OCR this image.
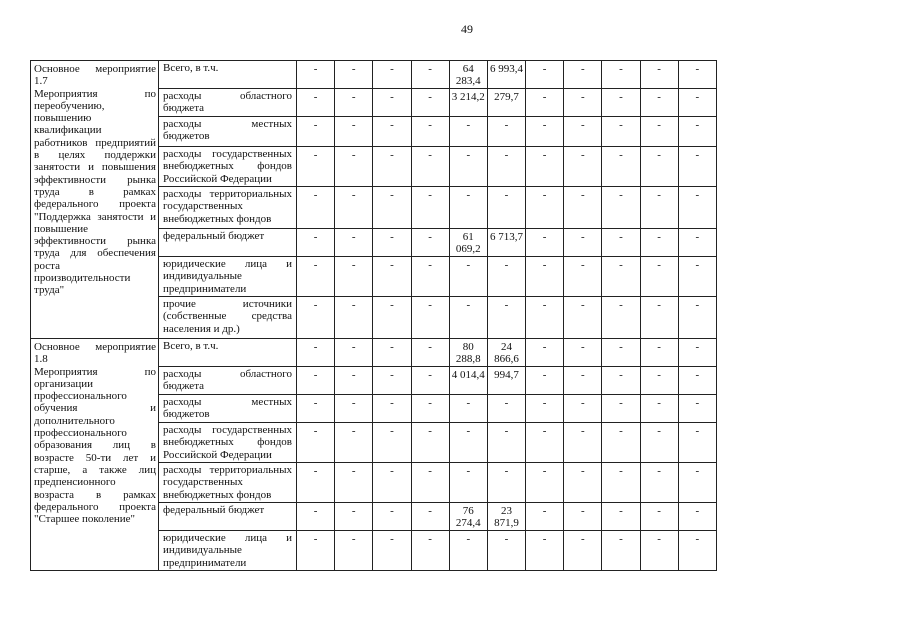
49
Основное мероприятие 1.7
Мероприятия по переобучению, повышению квалификации работников предприятий в целях поддержки занятости и повышения эффективности рынка труда в рамках федерального проекта "Поддержка занятости и повышение эффективности рынка труда для обеспечения роста производительности труда"	Всего, в т.ч.	-	-	-	-	64 283,4	6 993,4	-	-	-	-	-
	расходы областного бюджета	-	-	-	-	3 214,2	279,7	-	-	-	-	-
	расходы местных бюджетов	-	-	-	-	-	-	-	-	-	-	-
	расходы государственных внебюджетных фондов Российской Федерации	-	-	-	-	-	-	-	-	-	-	-
	расходы территориальных государственных внебюджетных фондов	-	-	-	-	-	-	-	-	-	-	-
	федеральный бюджет	-	-	-	-	61 069,2	6 713,7	-	-	-	-	-
	юридические лица и индивидуальные предприниматели	-	-	-	-	-	-	-	-	-	-	-
	прочие источники (собственные средства населения и др.)	-	-	-	-	-	-	-	-	-	-	-

Основное мероприятие 1.8
Мероприятия по организации профессионального обучения и дополнительного профессионального образования лиц в возрасте 50-ти лет и старше, а также лиц предпенсионного возраста в рамках федерального проекта "Старшее поколение"	Всего, в т.ч.	-	-	-	-	80 288,8	24 866,6	-	-	-	-	-
	расходы областного бюджета	-	-	-	-	4 014,4	994,7	-	-	-	-	-
	расходы местных бюджетов	-	-	-	-	-	-	-	-	-	-	-
	расходы государственных внебюджетных фондов Российской Федерации	-	-	-	-	-	-	-	-	-	-	-
	расходы территориальных государственных внебюджетных фондов	-	-	-	-	-	-	-	-	-	-	-
	федеральный бюджет	-	-	-	-	76 274,4	23 871,9	-	-	-	-	-
	юридические лица и индивидуальные предприниматели	-	-	-	-	-	-	-	-	-	-	-
